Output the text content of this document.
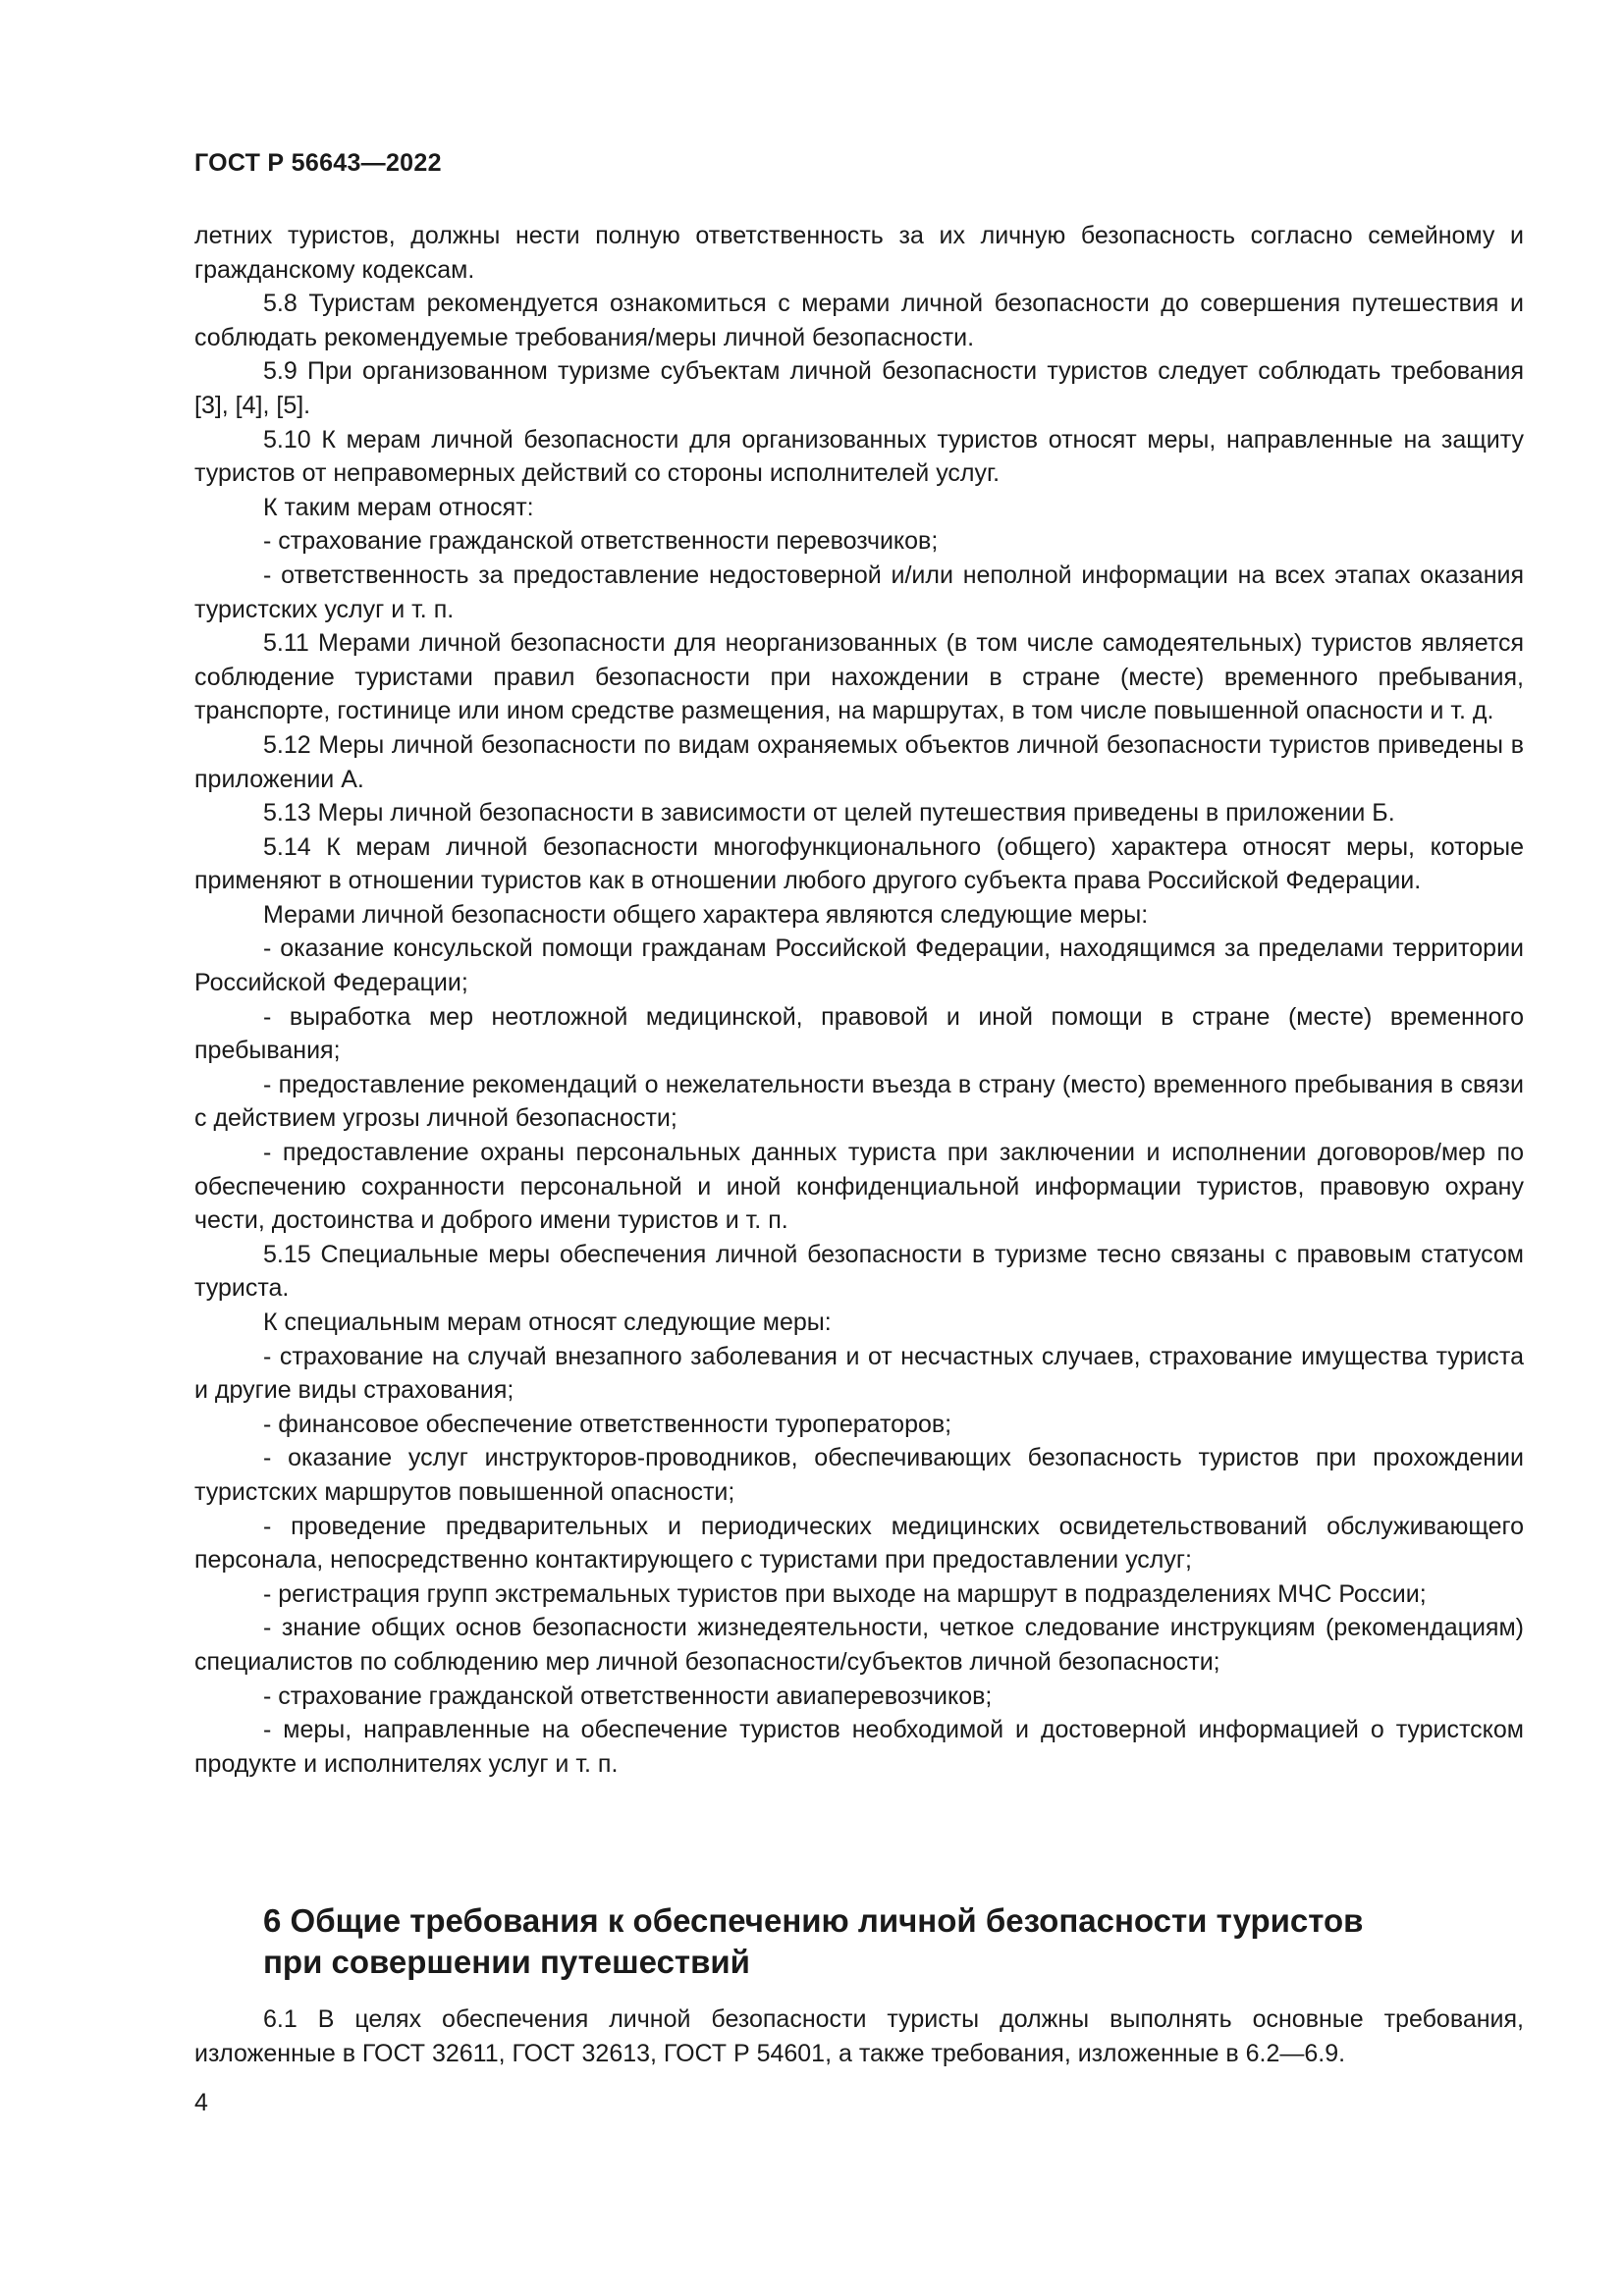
ГОСТ Р 56643—2022

летних туристов, должны нести полную ответственность за их личную безопасность согласно семейному и гражданскому кодексам.

5.8 Туристам рекомендуется ознакомиться с мерами личной безопасности до совершения путешествия и соблюдать рекомендуемые требования/меры личной безопасности.

5.9 При организованном туризме субъектам личной безопасности туристов следует соблюдать требования [3], [4], [5].

5.10 К мерам личной безопасности для организованных туристов относят меры, направленные на защиту туристов от неправомерных действий со стороны исполнителей услуг.

К таким мерам относят:

- страхование гражданской ответственности перевозчиков;

- ответственность за предоставление недостоверной и/или неполной информации на всех этапах оказания туристских услуг и т. п.

5.11 Мерами личной безопасности для неорганизованных (в том числе самодеятельных) туристов является соблюдение туристами правил безопасности при нахождении в стране (месте) временного пребывания, транспорте, гостинице или ином средстве размещения, на маршрутах, в том числе повышенной опасности и т. д.

5.12 Меры личной безопасности по видам охраняемых объектов личной безопасности туристов приведены в приложении А.

5.13 Меры личной безопасности в зависимости от целей путешествия приведены в приложении Б.

5.14 К мерам личной безопасности многофункционального (общего) характера относят меры, которые применяют в отношении туристов как в отношении любого другого субъекта права Российской Федерации.

Мерами личной безопасности общего характера являются следующие меры:

- оказание консульской помощи гражданам Российской Федерации, находящимся за пределами территории Российской Федерации;

- выработка мер неотложной медицинской, правовой и иной помощи в стране (месте) временного пребывания;

- предоставление рекомендаций о нежелательности въезда в страну (место) временного пребывания в связи с действием угрозы личной безопасности;

- предоставление охраны персональных данных туриста при заключении и исполнении договоров/мер по обеспечению сохранности персональной и иной конфиденциальной информации туристов, правовую охрану чести, достоинства и доброго имени туристов и т. п.

5.15 Специальные меры обеспечения личной безопасности в туризме тесно связаны с правовым статусом туриста.

К специальным мерам относят следующие меры:

- страхование на случай внезапного заболевания и от несчастных случаев, страхование имущества туриста и другие виды страхования;

- финансовое обеспечение ответственности туроператоров;

- оказание услуг инструкторов-проводников, обеспечивающих безопасность туристов при прохождении туристских маршрутов повышенной опасности;

- проведение предварительных и периодических медицинских освидетельствований обслуживающего персонала, непосредственно контактирующего с туристами при предоставлении услуг;

- регистрация групп экстремальных туристов при выходе на маршрут в подразделениях МЧС России;

- знание общих основ безопасности жизнедеятельности, четкое следование инструкциям (рекомендациям) специалистов по соблюдению мер личной безопасности/субъектов личной безопасности;

- страхование гражданской ответственности авиаперевозчиков;

- меры, направленные на обеспечение туристов необходимой и достоверной информацией о туристском продукте и исполнителях услуг и т. п.

6 Общие требования к обеспечению личной безопасности туристов
при совершении путешествий

6.1 В целях обеспечения личной безопасности туристы должны выполнять основные требования, изложенные в ГОСТ 32611, ГОСТ 32613, ГОСТ Р 54601, а также требования, изложенные в 6.2—6.9.

4
